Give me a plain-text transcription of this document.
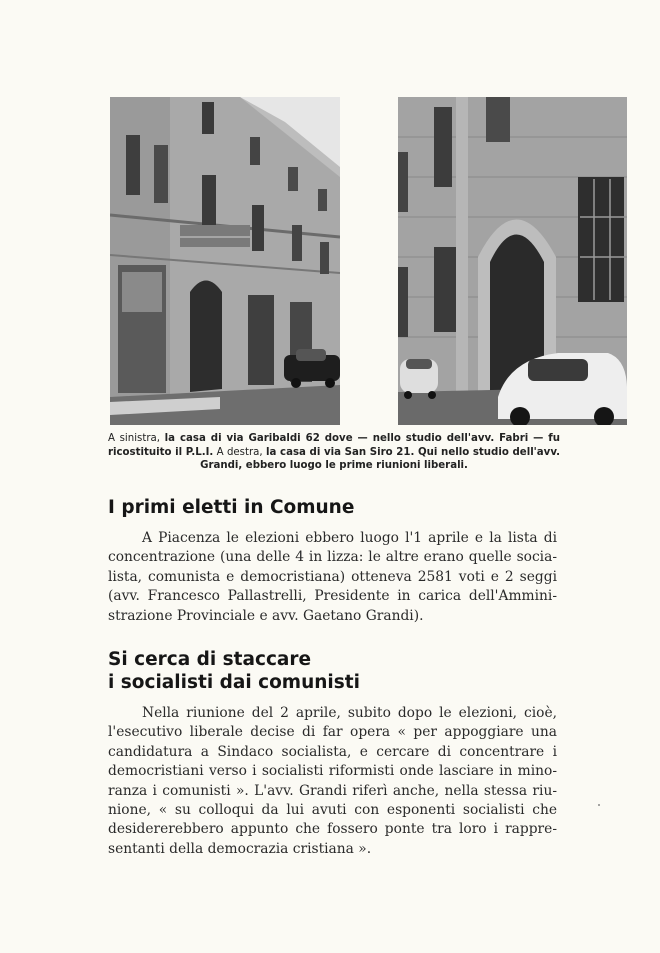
A sinistra, la casa di via Garibaldi 62 dove — nello studio dell'avv. Fabri — fu ricostituito il P.L.I. A destra, la casa di via San Siro 21. Qui nello studio dell'avv. Grandi, ebbero luogo le prime riunioni liberali.
I primi eletti in Comune

A Piacenza le elezioni ebbero luogo l'1 aprile e la lista di concentrazione (una delle 4 in lizza: le altre erano quelle socialista, comunista e democristiana) otteneva 2581 voti e 2 seggi (avv. Francesco Pallastrelli, Presidente in carica dell'Amministrazione Provinciale e avv. Gaetano Grandi).

Si cerca di staccare
i socialisti dai comunisti

Nella riunione del 2 aprile, subito dopo le elezioni, cioè, l'esecutivo liberale decise di far opera « per appoggiare una candidatura a Sindaco socialista, e cercare di concentrare i democristiani verso i socialisti riformisti onde lasciare in minoranza i comunisti ». L'avv. Grandi riferì anche, nella stessa riunione, « su colloqui da lui avuti con esponenti socialisti che desidererebbero appunto che fossero ponte tra loro i rappresentanti della democrazia cristiana ».
